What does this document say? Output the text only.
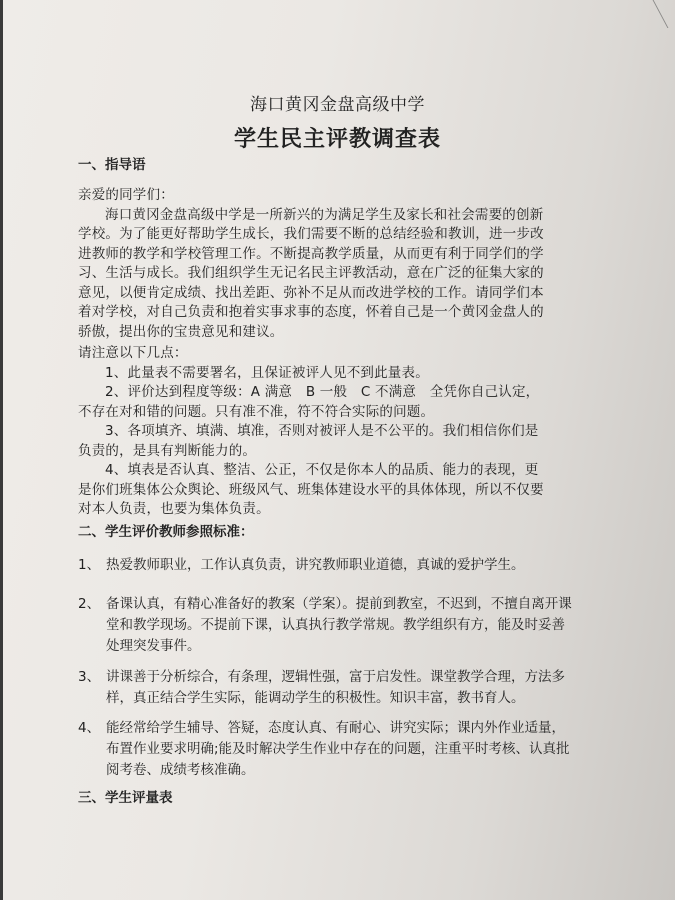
海口黄冈金盘高级中学
学生民主评教调查表
一、指导语

亲爱的同学们：

海口黄冈金盘高级中学是一所新兴的为满足学生及家长和社会需要的创新学校。为了能更好帮助学生成长，我们需要不断的总结经验和教训，进一步改进教师的教学和学校管理工作。不断提高教学质量，从而更有利于同学们的学习、生活与成长。我们组织学生无记名民主评教活动，意在广泛的征集大家的意见，以便肯定成绩、找出差距、弥补不足从而改进学校的工作。请同学们本着对学校，对自己负责和抱着实事求事的态度，怀着自己是一个黄冈金盘人的骄傲，提出你的宝贵意见和建议。

请注意以下几点：

1、此量表不需要署名，且保证被评人见不到此量表。

2、评价达到程度等级：A 满意　B 一般　C 不满意　全凭你自己认定，不存在对和错的问题。只有准不准，符不符合实际的问题。

3、各项填齐、填满、填准，否则对被评人是不公平的。我们相信你们是负责的，是具有判断能力的。

4、填表是否认真、整洁、公正，不仅是你本人的品质、能力的表现，更是你们班集体公众舆论、班级风气、班集体建设水平的具体体现，所以不仅要对本人负责，也要为集体负责。

二、学生评价教师参照标准：
1、 热爱教师职业，工作认真负责，讲究教师职业道德，真诚的爱护学生。
2、 备课认真，有精心准备好的教案（学案）。提前到教室，不迟到，不擅自离开课堂和教学现场。不提前下课，认真执行教学常规。教学组织有方，能及时妥善处理突发事件。
3、 讲课善于分析综合，有条理，逻辑性强，富于启发性。课堂教学合理，方法多样，真正结合学生实际，能调动学生的积极性。知识丰富，教书育人。
4、 能经常给学生辅导、答疑，态度认真、有耐心、讲究实际；课内外作业适量，布置作业要求明确;能及时解决学生作业中存在的问题，注重平时考核、认真批阅考卷、成绩考核准确。
三、学生评量表
